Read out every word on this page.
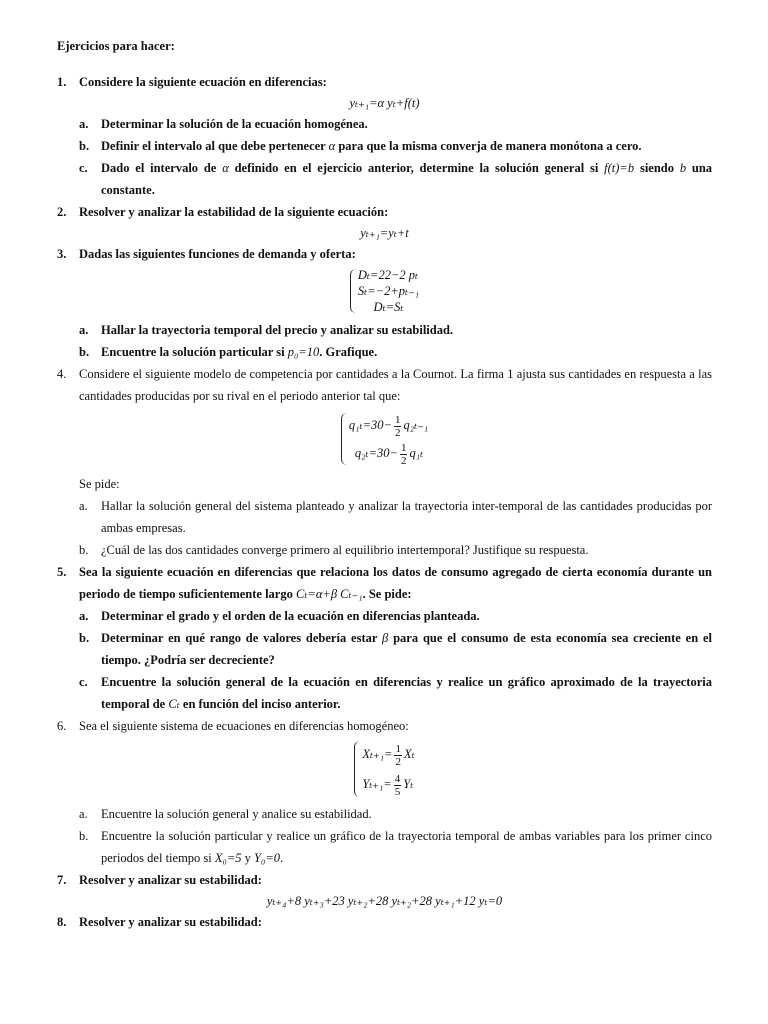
Ejercicios para hacer:
1. Considere la siguiente ecuación en diferencias:
yₜ₊₁=α yₜ+f(t)
a. Determinar la solución de la ecuación homogénea.
b. Definir el intervalo al que debe pertenecer α para que la misma converja de manera monótona a cero.
c. Dado el intervalo de α definido en el ejercicio anterior, determine la solución general si f(t)=b siendo b una constante.
2. Resolver y analizar la estabilidad de la siguiente ecuación:
yₜ₊₁=yₜ+t
3. Dadas las siguientes funciones de demanda y oferta:
Dₜ=22−2 pₜ
Sₜ=−2+pₜ₋₁
Dₜ=Sₜ
a. Hallar la trayectoria temporal del precio y analizar su estabilidad.
b. Encuentre la solución particular si p₀=10. Grafique.
4. Considere el siguiente modelo de competencia por cantidades a la Cournot. La firma 1 ajusta sus cantidades en respuesta a las cantidades producidas por su rival en el periodo anterior tal que:
$q_{1t}=30- \frac{1}{2} q_{2t-1}$
$q_{2t}=30- \frac{1}{2} q_{1t}$
Se pide:
a. Hallar la solución general del sistema planteado y analizar la trayectoria inter-temporal de las cantidades producidas por ambas empresas.
b. ¿Cuál de las dos cantidades converge primero al equilibrio intertemporal? Justifique su respuesta.
5. Sea la siguiente ecuación en diferencias que relaciona los datos de consumo agregado de cierta economía durante un periodo de tiempo suficientemente largo Cₜ=α+β Cₜ₋₁. Se pide:
a. Determinar el grado y el orden de la ecuación en diferencias planteada.
b. Determinar en qué rango de valores debería estar β para que el consumo de esta economía sea creciente en el tiempo. ¿Podría ser decreciente?
c. Encuentre la solución general de la ecuación en diferencias y realice un gráfico aproximado de la trayectoria temporal de Cₜ en función del inciso anterior.
6. Sea el siguiente sistema de ecuaciones en diferencias homogéneo:
$X_{t+1}= \frac{1}{2}$ Xₜ
$Y_{t+1}= \frac{4}{5}$ Yₜ
a. Encuentre la solución general y analice su estabilidad.
b. Encuentre la solución particular y realice un gráfico de la trayectoria temporal de ambas variables para los primer cinco periodos del tiempo si X₀=5 y Y₀=0.
7. Resolver y analizar su estabilidad:
yₜ₊₄+8 yₜ₊₃+23 yₜ₊₂+28 yₜ₊₂+28 yₜ₊₁+12 yₜ=0
8. Resolver y analizar su estabilidad:
